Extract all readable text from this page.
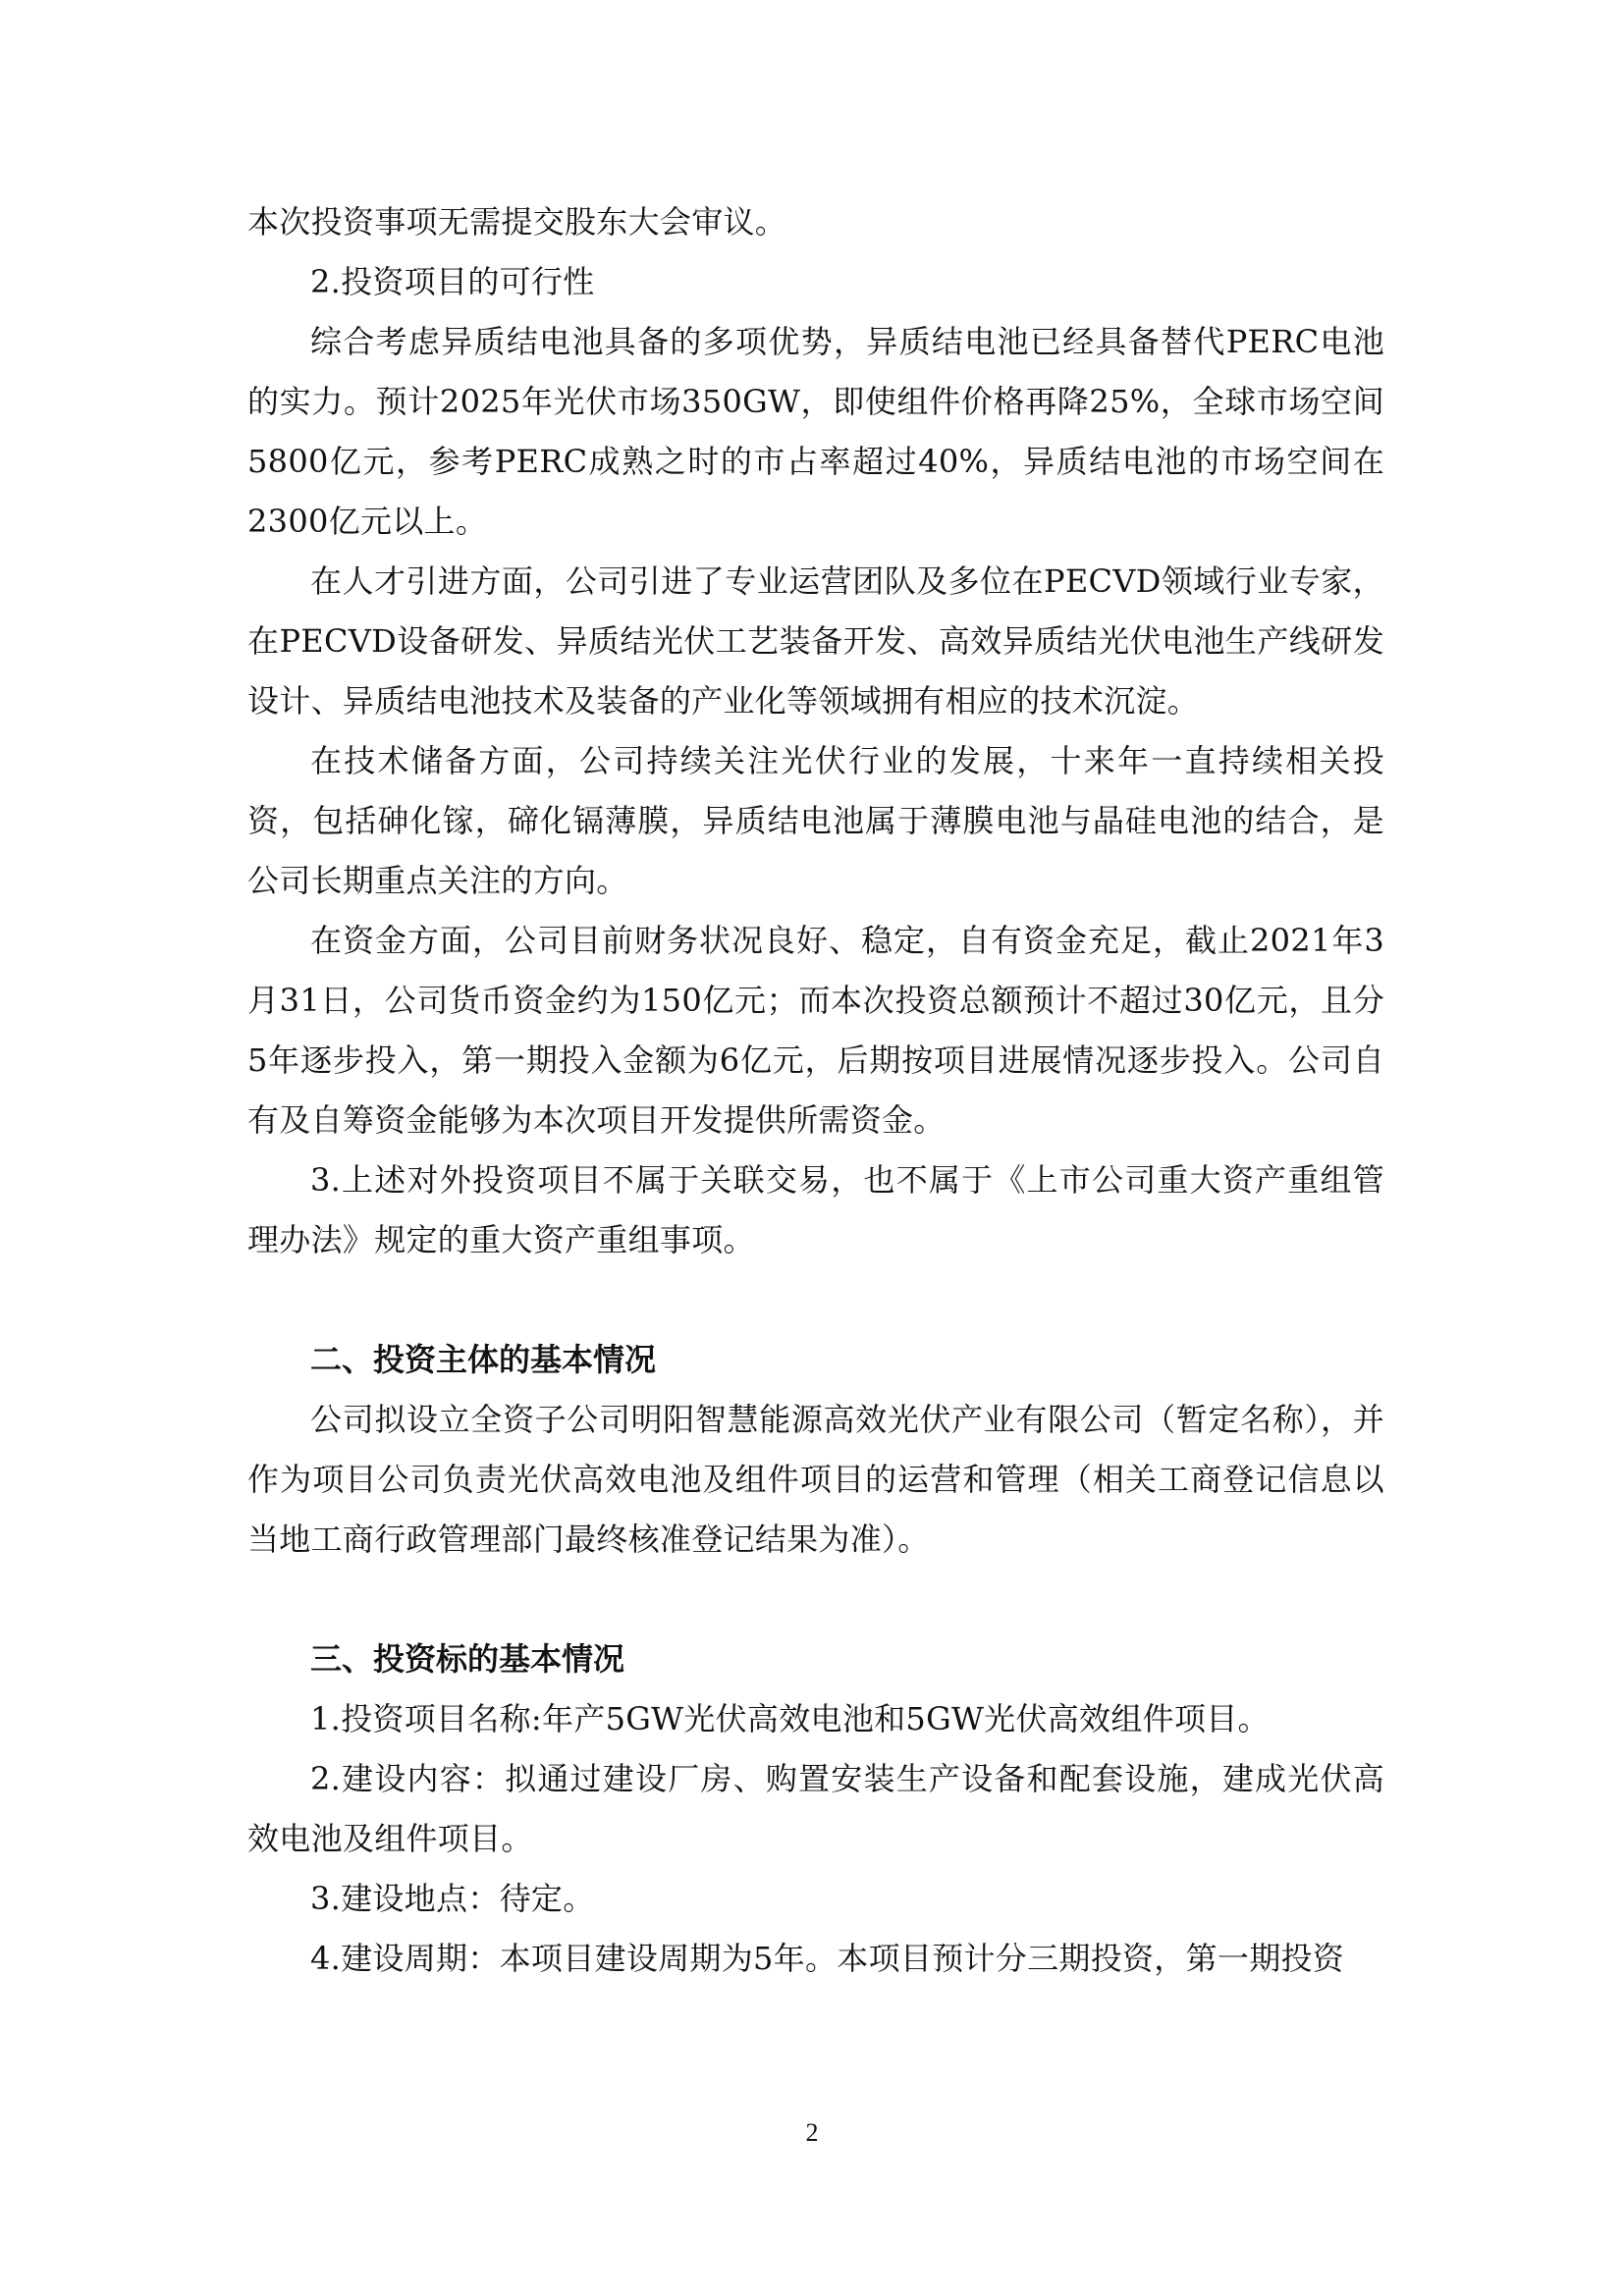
本次投资事项无需提交股东大会审议。

2.投资项目的可行性

综合考虑异质结电池具备的多项优势，异质结电池已经具备替代PERC电池的实力。预计2025年光伏市场350GW，即使组件价格再降25%，全球市场空间5800亿元，参考PERC成熟之时的市占率超过40%，异质结电池的市场空间在2300亿元以上。

在人才引进方面，公司引进了专业运营团队及多位在PECVD领域行业专家，在PECVD设备研发、异质结光伏工艺装备开发、高效异质结光伏电池生产线研发设计、异质结电池技术及装备的产业化等领域拥有相应的技术沉淀。

在技术储备方面，公司持续关注光伏行业的发展，十来年一直持续相关投资，包括砷化镓，碲化镉薄膜，异质结电池属于薄膜电池与晶硅电池的结合，是公司长期重点关注的方向。

在资金方面，公司目前财务状况良好、稳定，自有资金充足，截止2021年3月31日，公司货币资金约为150亿元；而本次投资总额预计不超过30亿元，且分5年逐步投入，第一期投入金额为6亿元，后期按项目进展情况逐步投入。公司自有及自筹资金能够为本次项目开发提供所需资金。

3.上述对外投资项目不属于关联交易，也不属于《上市公司重大资产重组管理办法》规定的重大资产重组事项。

二、投资主体的基本情况

公司拟设立全资子公司明阳智慧能源高效光伏产业有限公司（暂定名称），并作为项目公司负责光伏高效电池及组件项目的运营和管理（相关工商登记信息以当地工商行政管理部门最终核准登记结果为准）。

三、投资标的基本情况

1.投资项目名称:年产5GW光伏高效电池和5GW光伏高效组件项目。

2.建设内容：拟通过建设厂房、购置安装生产设备和配套设施，建成光伏高效电池及组件项目。

3.建设地点：待定。

4.建设周期：本项目建设周期为5年。本项目预计分三期投资，第一期投资

2
